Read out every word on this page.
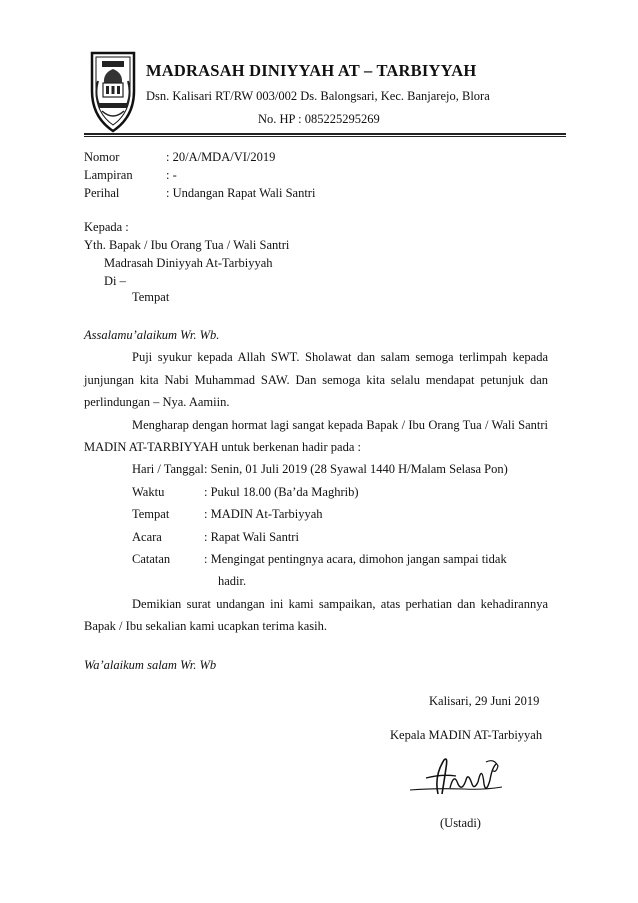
MADRASAH DINIYYAH AT – TARBIYYAH
Dsn. Kalisari RT/RW 003/002 Ds. Balongsari, Kec. Banjarejo, Blora
No. HP : 085225295269
Nomor	: 20/A/MDA/VI/2019
Lampiran	: -
Perihal	: Undangan Rapat Wali Santri
Kepada :
Yth. Bapak / Ibu Orang Tua / Wali Santri
Madrasah Diniyyah At-Tarbiyyah
Di –
Tempat
Assalamu’alaikum Wr. Wb.
Puji syukur kepada Allah SWT. Sholawat dan salam semoga terlimpah kepada
junjungan kita Nabi Muhammad SAW. Dan semoga kita selalu mendapat petunjuk dan
perlindungan – Nya. Aamiin.
Mengharap dengan hormat lagi sangat kepada Bapak / Ibu Orang Tua / Wali Santri
MADIN AT-TARBIYYAH untuk berkenan hadir pada :
Hari / Tanggal : Senin, 01 Juli 2019 (28 Syawal 1440 H/Malam Selasa Pon)
Waktu	: Pukul 18.00 (Ba’da Maghrib)
Tempat	: MADIN At-Tarbiyyah
Acara	: Rapat Wali Santri
Catatan	: Mengingat pentingnya acara, dimohon jangan sampai tidak
hadir.
Demikian surat undangan ini kami sampaikan, atas perhatian dan kehadirannya
Bapak / Ibu sekalian kami ucapkan terima kasih.
Wa’alaikum salam Wr. Wb
Kalisari, 29 Juni 2019
Kepala MADIN AT-Tarbiyyah
(Ustadi)
